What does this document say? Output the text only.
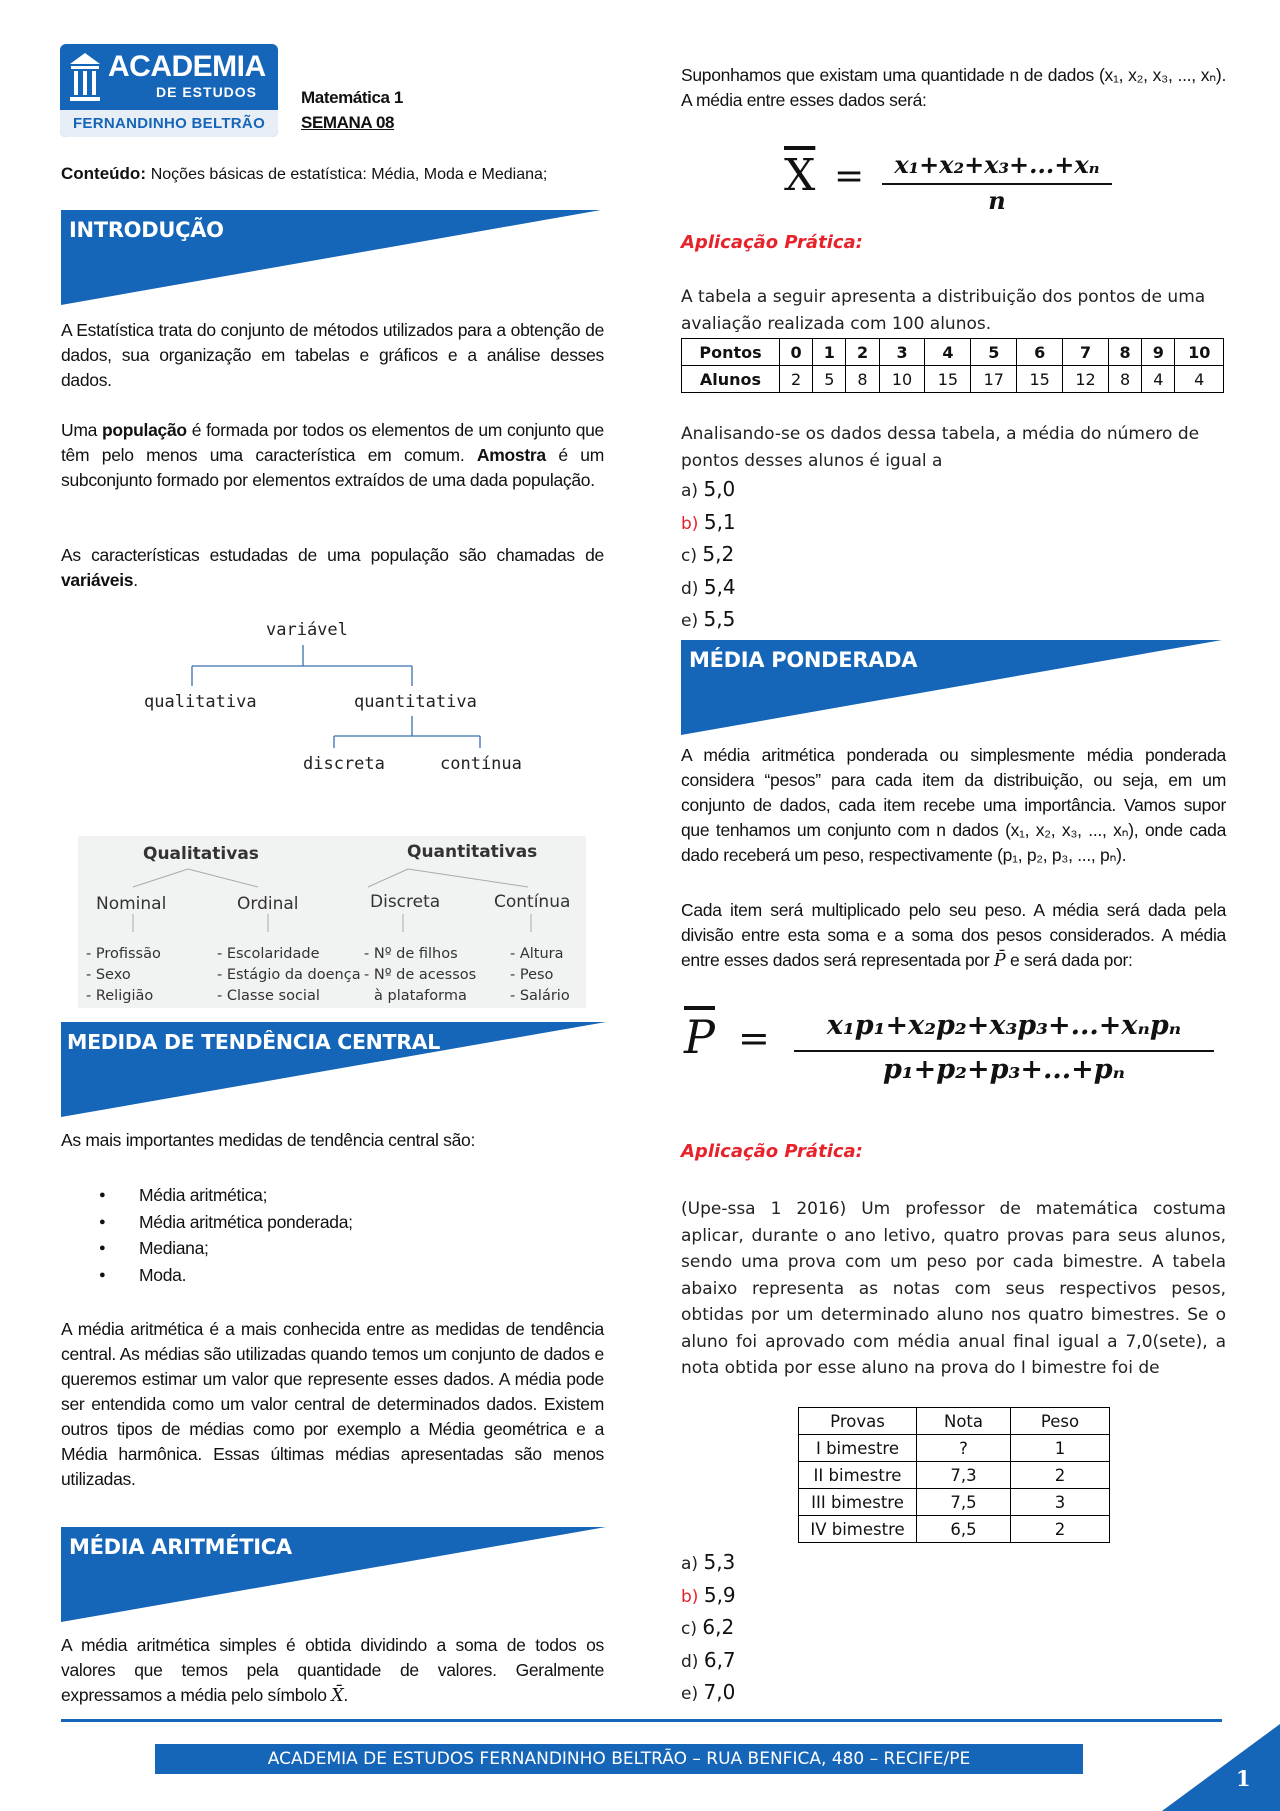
ACADEMIA
DE ESTUDOS
FERNANDINHO BELTRÃO
Matemática 1
SEMANA 08
Conteúdo: Noções básicas de estatística: Média, Moda e Mediana;
INTRODUÇÃO
A Estatística trata do conjunto de métodos utilizados para a obtenção de dados, sua organização em tabelas e gráficos e a análise desses dados.
Uma população é formada por todos os elementos de um conjunto que têm pelo menos uma característica em comum. Amostra é um subconjunto formado por elementos extraídos de uma dada população.
As características estudadas de uma população são chamadas de variáveis.
variável
qualitativa	quantitativa
discreta	contínua
Qualitativas	Quantitativas
Nominal	Ordinal	Discreta	Contínua
- Profissão
- Sexo
- Religião
- Escolaridade
- Estágio da doença
- Classe social
- Nº de filhos
- Nº de acessos
à plataforma
- Altura
- Peso
- Salário
MEDIDA DE TENDÊNCIA CENTRAL
As mais importantes medidas de tendência central são:
● Média aritmética;
● Média aritmética ponderada;
● Mediana;
● Moda.
A média aritmética é a mais conhecida entre as medidas de tendência central. As médias são utilizadas quando temos um conjunto de dados e queremos estimar um valor que represente esses dados. A média pode ser entendida como um valor central de determinados dados. Existem outros tipos de médias como por exemplo a Média geométrica e a Média harmônica. Essas últimas médias apresentadas são menos utilizadas.
MÉDIA ARITMÉTICA
A média aritmética simples é obtida dividindo a soma de todos os valores que temos pela quantidade de valores. Geralmente expressamos a média pelo símbolo X̄.
Suponhamos que existam uma quantidade n de dados (x₁, x₂, x₃, ..., xₙ). A média entre esses dados será:
$\overline{X}$ =	x₁+x₂+x₃+...+xₙ
n
Aplicação Prática:
A tabela a seguir apresenta a distribuição dos pontos de uma avaliação realizada com 100 alunos.
Pontos	0	1	2	3	4	5	6	7	8	9	10
Alunos	2	5	8	10	15	17	15	12	8	4	4
Analisando-se os dados dessa tabela, a média do número de pontos desses alunos é igual a
a) 5,0
b) 5,1
c) 5,2
d) 5,4
e) 5,5
MÉDIA PONDERADA
A média aritmética ponderada ou simplesmente média ponderada considera “pesos” para cada item da distribuição, ou seja, em um conjunto de dados, cada item recebe uma importância. Vamos supor que tenhamos um conjunto com n dados (x₁, x₂, x₃, ..., xₙ), onde cada dado receberá um peso, respectivamente (p₁, p₂, p₃, ..., pₙ).
Cada item será multiplicado pelo seu peso. A média será dada pela divisão entre esta soma e a soma dos pesos considerados. A média entre esses dados será representada por P̄ e será dada por:
$\overline{P}$ =	x₁p₁+x₂p₂+x₃p₃+...+xₙpₙ
p₁+p₂+p₃+...+pₙ
Aplicação Prática:
(Upe-ssa 1 2016) Um professor de matemática costuma aplicar, durante o ano letivo, quatro provas para seus alunos, sendo uma prova com um peso por cada bimestre. A tabela abaixo representa as notas com seus respectivos pesos, obtidas por um determinado aluno nos quatro bimestres. Se o aluno foi aprovado com média anual final igual a 7,0(sete), a nota obtida por esse aluno na prova do I bimestre foi de
Provas	Nota	Peso
I bimestre	?	1
II bimestre	7,3	2
III bimestre	7,5	3
IV bimestre	6,5	2
a) 5,3
b) 5,9
c) 6,2
d) 6,7
e) 7,0
ACADEMIA DE ESTUDOS FERNANDINHO BELTRÃO – RUA BENFICA, 480 – RECIFE/PE
1
